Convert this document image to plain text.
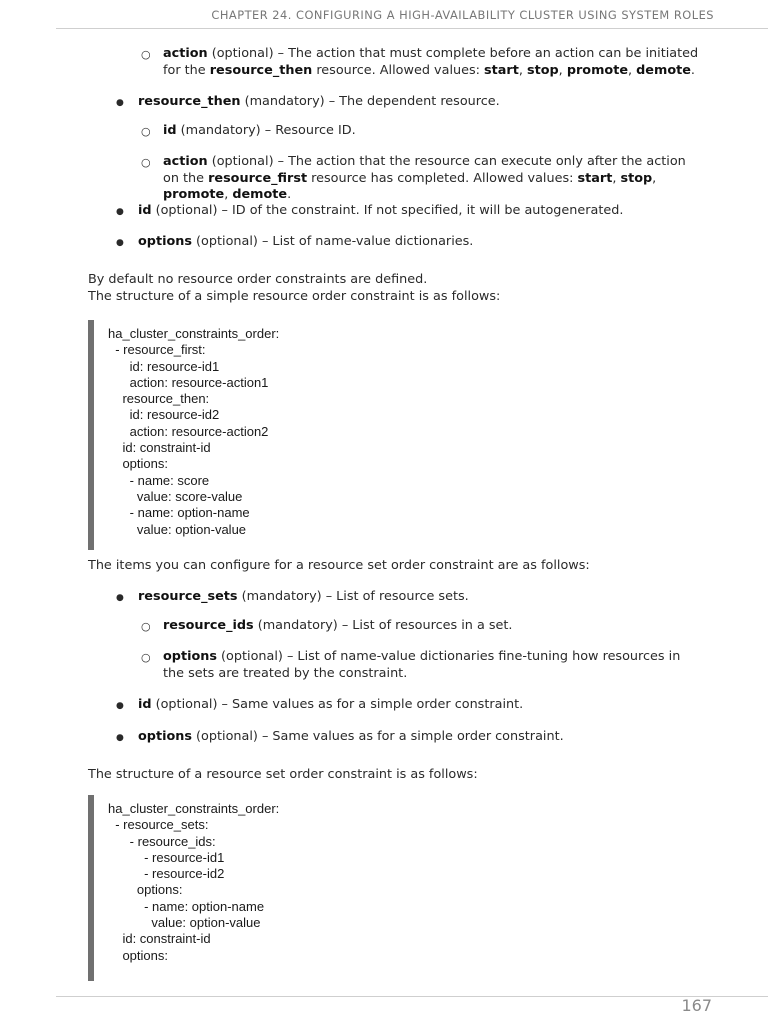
CHAPTER 24. CONFIGURING A HIGH-AVAILABILITY CLUSTER USING SYSTEM ROLES
○
action (optional) – The action that must complete before an action can be initiated for the resource_then resource. Allowed values: start, stop, promote, demote.
●
resource_then (mandatory) – The dependent resource.
○
id (mandatory) – Resource ID.
○
action (optional) – The action that the resource can execute only after the action on the resource_first resource has completed. Allowed values: start, stop, promote, demote.
●
id (optional) – ID of the constraint. If not specified, it will be autogenerated.
●
options (optional) – List of name-value dictionaries.
By default no resource order constraints are defined.
The structure of a simple resource order constraint is as follows:
ha_cluster_constraints_order:
- resource_first:
id: resource-id1
action: resource-action1
resource_then:
id: resource-id2
action: resource-action2
id: constraint-id
options:
- name: score
value: score-value
- name: option-name
value: option-value
The items you can configure for a resource set order constraint are as follows:
●
resource_sets (mandatory) – List of resource sets.
○
resource_ids (mandatory) – List of resources in a set.
○
options (optional) – List of name-value dictionaries fine-tuning how resources in the sets are treated by the constraint.
●
id (optional) – Same values as for a simple order constraint.
●
options (optional) – Same values as for a simple order constraint.
The structure of a resource set order constraint is as follows:
ha_cluster_constraints_order:
- resource_sets:
- resource_ids:
- resource-id1
- resource-id2
options:
- name: option-name
value: option-value
id: constraint-id
options:
167
